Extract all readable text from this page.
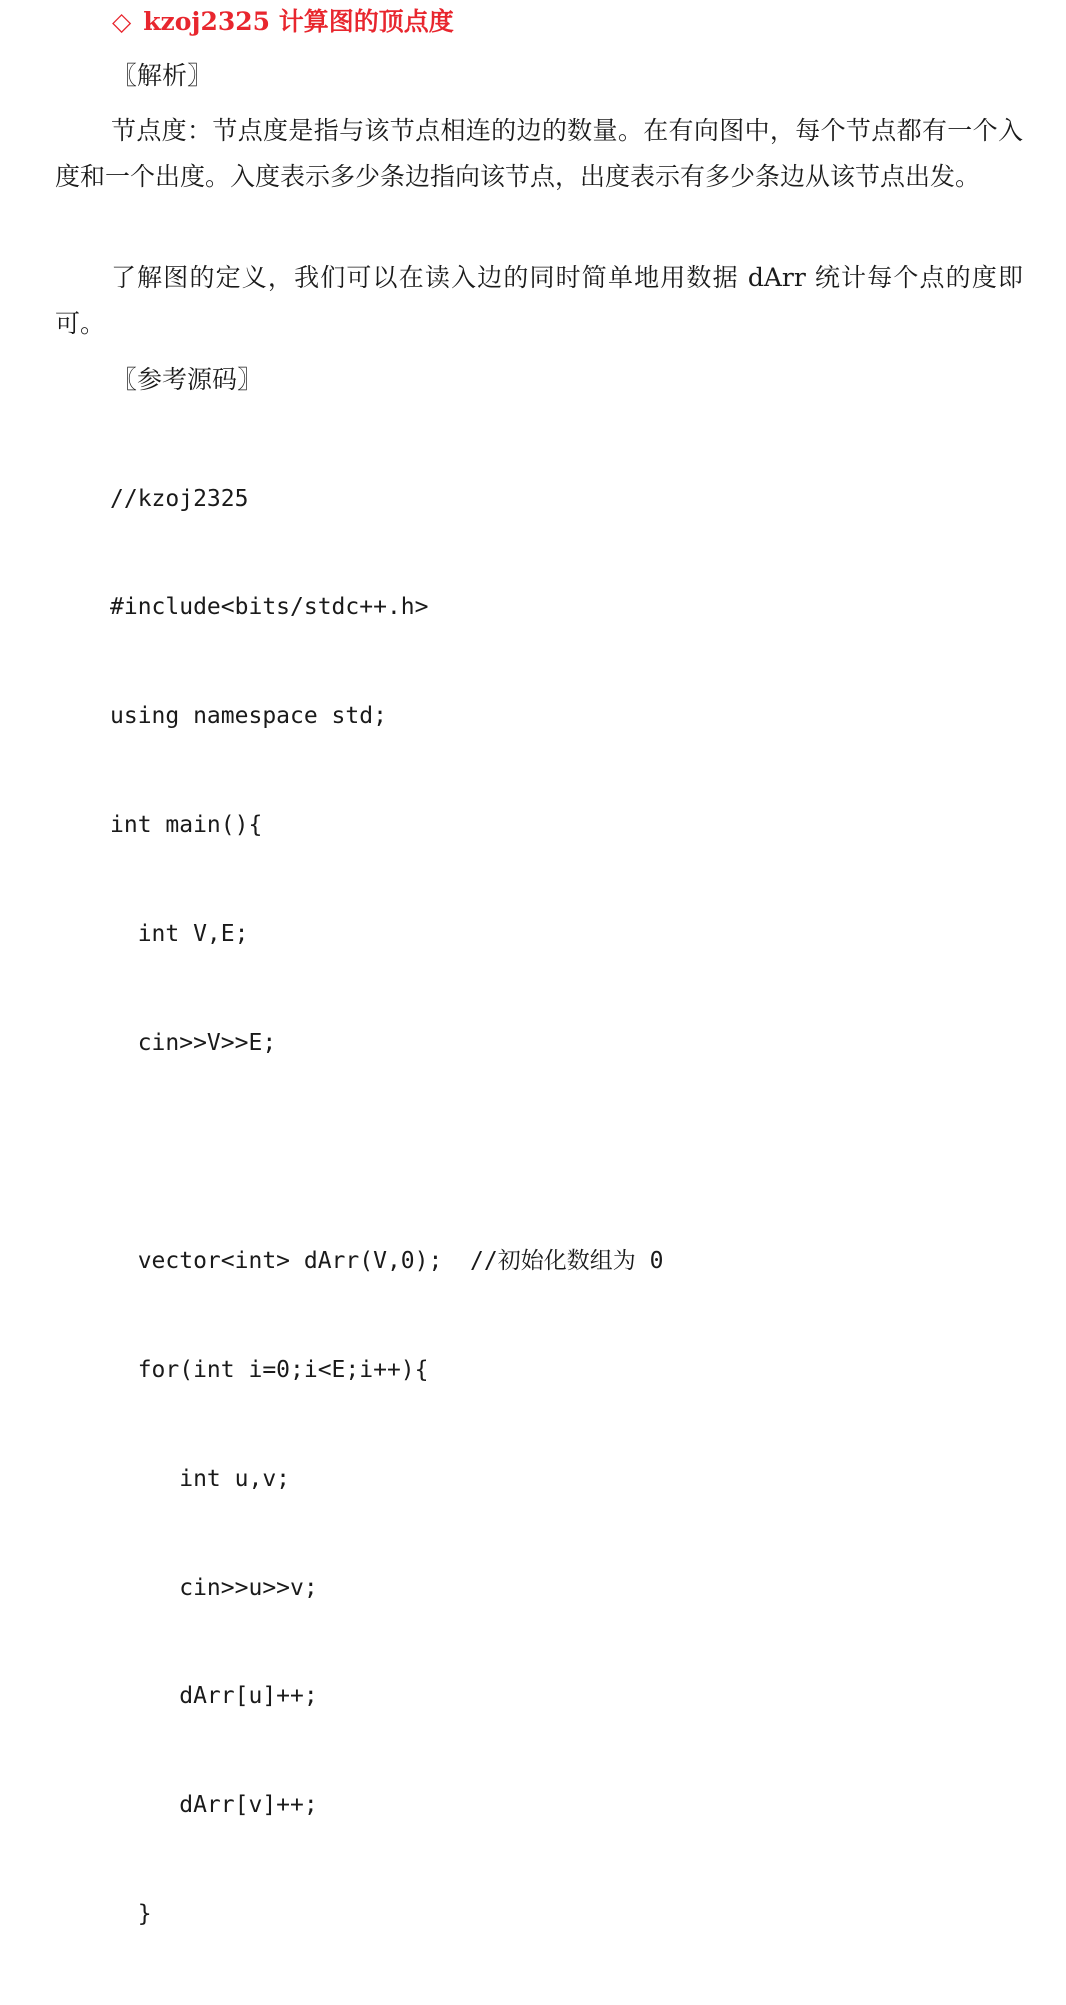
◇ kzoj2325 计算图的顶点度
〖解析〗

节点度：节点度是指与该节点相连的边的数量。在有向图中，每个节点都有一个入度和一个出度。入度表示多少条边指向该节点，出度表示有多少条边从该节点出发。

了解图的定义，我们可以在读入边的同时简单地用数据 dArr 统计每个点的度即可。

〖参考源码〗

//kzoj2325

#include<bits/stdc++.h>

using namespace std;

int main(){

int V,E;

cin>>V>>E;

vector<int> dArr(V,0);  //初始化数组为 0

for(int i=0;i<E;i++){

int u,v;

cin>>u>>v;

dArr[u]++;

dArr[v]++;

}
